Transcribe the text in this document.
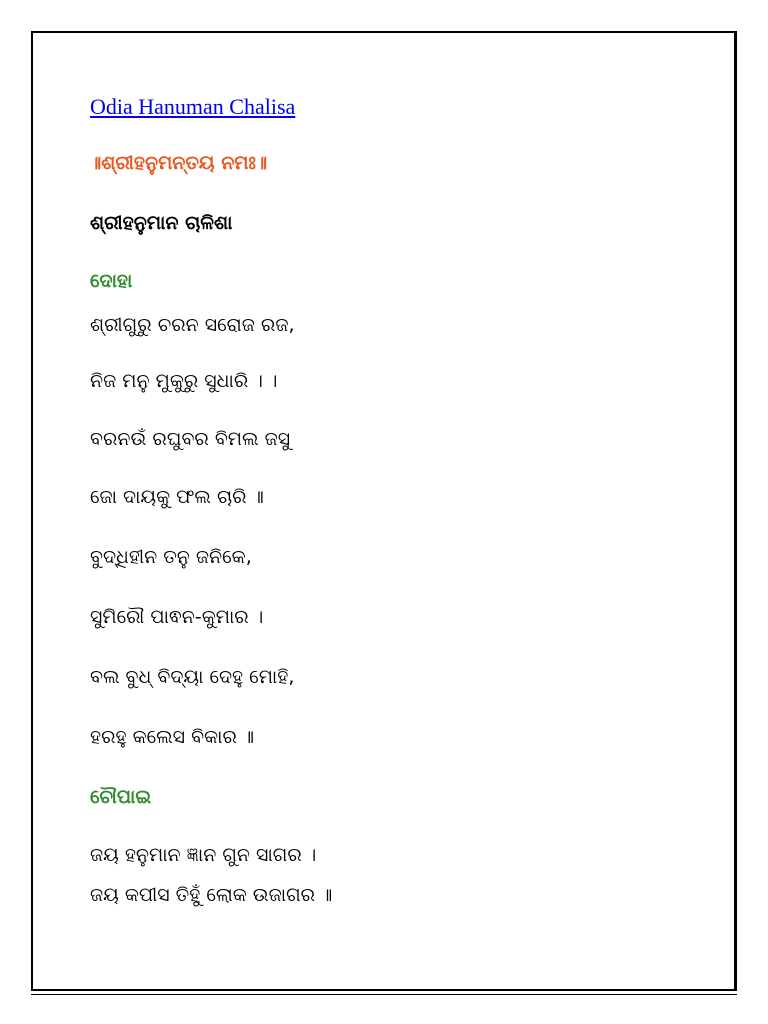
Odia Hanuman Chalisa
॥ଶ୍ରୀହନୁମନ୍ତୟ ନମଃ॥
ଶ୍ରୀହନୁମାନ ଚାଳିଶା
ଦୋହା
ଶ୍ରୀଗୁରୁ ଚରନ ସରୋଜ ରଜ,
ନିଜ ମନୁ ମୁକୁରୁ ସୁଧାରି । ।
ବରନଉଁ ରଘୁବର ବିମଲ ଜସୁ
ଜୋ ଦାୟକୁ ଫଲ ଚାରି ॥
ବୁଦ୍ଧିହୀନ ତନୁ ଜନିକେ,
ସୁମିରୌ ପାଵନ-କୁମାର ।
ବଲ ବୁଧ୍ ବିଦ୍ୟା ଦେହୁ ମୋହି,
ହରହୁ କଲେସ ବିକାର ॥
ଚୌପାଇ
ଜୟ ହନୁମାନ ଜ୍ଞାନ ଗୁନ ସାଗର ।
ଜୟ କପୀସ ତିହୁଁ ଲୋକ ଉଜାଗର ॥
